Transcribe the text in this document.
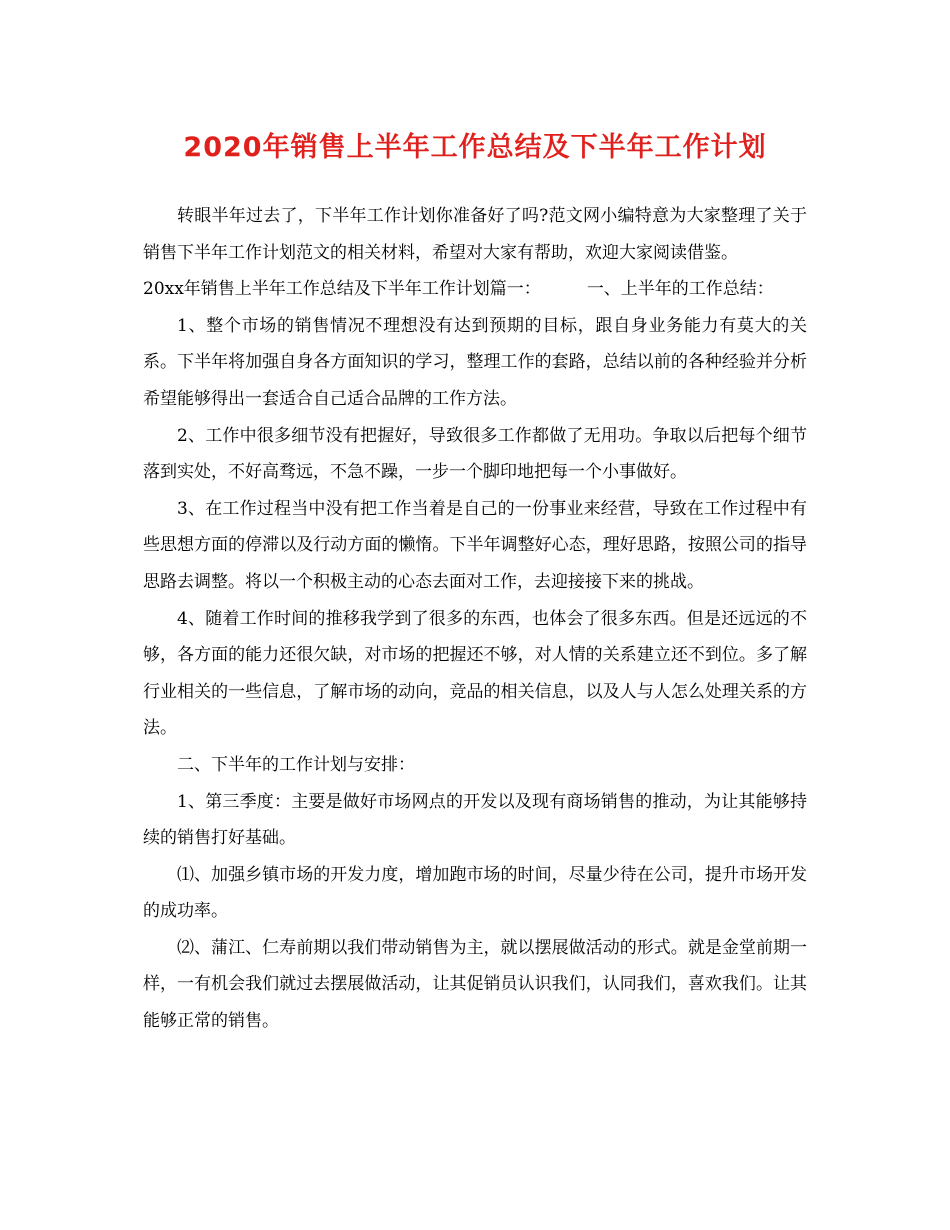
2020年销售上半年工作总结及下半年工作计划

转眼半年过去了，下半年工作计划你准备好了吗?范文网小编特意为大家整理了关于销售下半年工作计划范文的相关材料，希望对大家有帮助，欢迎大家阅读借鉴。

20xx年销售上半年工作总结及下半年工作计划篇一：	一、上半年的工作总结：

1、整个市场的销售情况不理想没有达到预期的目标，跟自身业务能力有莫大的关系。下半年将加强自身各方面知识的学习，整理工作的套路，总结以前的各种经验并分析希望能够得出一套适合自己适合品牌的工作方法。

2、工作中很多细节没有把握好，导致很多工作都做了无用功。争取以后把每个细节落到实处，不好高骛远，不急不躁，一步一个脚印地把每一个小事做好。

3、在工作过程当中没有把工作当着是自己的一份事业来经营，导致在工作过程中有些思想方面的停滞以及行动方面的懒惰。下半年调整好心态，理好思路，按照公司的指导思路去调整。将以一个积极主动的心态去面对工作，去迎接接下来的挑战。

4、随着工作时间的推移我学到了很多的东西，也体会了很多东西。但是还远远的不够，各方面的能力还很欠缺，对市场的把握还不够，对人情的关系建立还不到位。多了解行业相关的一些信息，了解市场的动向，竞品的相关信息，以及人与人怎么处理关系的方法。

二、下半年的工作计划与安排：

1、第三季度：主要是做好市场网点的开发以及现有商场销售的推动，为让其能够持续的销售打好基础。

⑴、加强乡镇市场的开发力度，增加跑市场的时间，尽量少待在公司，提升市场开发的成功率。

⑵、蒲江、仁寿前期以我们带动销售为主，就以摆展做活动的形式。就是金堂前期一样，一有机会我们就过去摆展做活动，让其促销员认识我们，认同我们，喜欢我们。让其能够正常的销售。
